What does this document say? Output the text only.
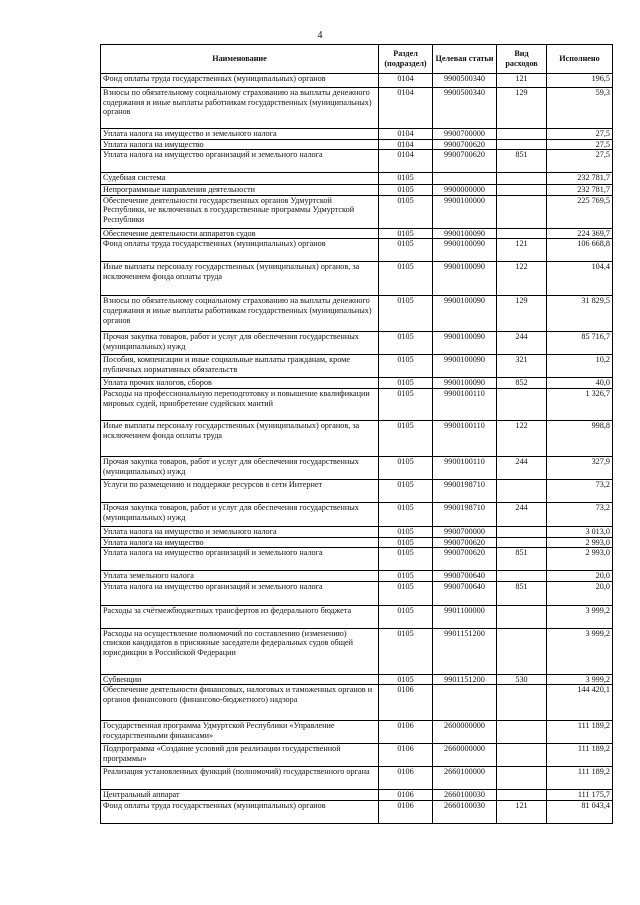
4
Наименование	Раздел (подраздел)	Целевая статьи	Вид расходов	Исполнено
Фонд оплаты труда государственных (муниципальных) органов	0104	9900500340	121	196,5
Взносы по обязательному социальному страхованию на выплаты денежного содержания и иные выплаты работникам государственных (муниципальных) органов	0104	9900500340	129	59,3
Уплата налога на имущество и земельного налога	0104	9900700000		27,5
Уплата налога на имущество	0104	9900700620		27,5
Уплата налога на имущество организаций и земельного налога	0104	9900700620	851	27,5
Судебная система	0105			232 781,7
Непрограммные направления деятельности	0105	9900000000		232 781,7
Обеспечение деятельности государственных органов Удмуртской Республики, не включенных в государственные программы Удмуртской Республики	0105	9900100000		225 769,5
Обеспечение деятельности аппаратов судов	0105	9900100090		224 369,7
Фонд оплаты труда государственных (муниципальных) органов	0105	9900100090	121	106 668,8
Иные выплаты персоналу государственных (муниципальных) органов, за исключением фонда оплаты труда	0105	9900100090	122	104,4
Взносы по обязательному социальному страхованию на выплаты денежного содержания и иные выплаты работникам государственных (муниципальных) органов	0105	9900100090	129	31 829,5
Прочая закупка товаров, работ и услуг для обеспечения государственных (муниципальных) нужд	0105	9900100090	244	85 716,7
Пособия, компенсации и иные социальные выплаты гражданам, кроме публичных нормативных обязательств	0105	9900100090	321	10,2
Уплата прочих налогов, сборов	0105	9900100090	852	40,0
Расходы на профессиональную переподготовку и повышение квалификации мировых судей, приобретение судейских мантий	0105	9900100110		1 326,7
Иные выплаты персоналу государственных (муниципальных) органов, за исключением фонда оплаты труда	0105	9900100110	122	998,8
Прочая закупка товаров, работ и услуг для обеспечения государственных (муниципальных) нужд	0105	9900100110	244	327,9
Услуги по размещению и поддержке ресурсов в сети Интернет	0105	9900198710		73,2
Прочая закупка товаров, работ и услуг для обеспечения государственных (муниципальных) нужд	0105	9900198710	244	73,2
Уплата налога на имущество и земельного налога	0105	9900700000		3 013,0
Уплата налога на имущество	0105	9900700620		2 993,0
Уплата налога на имущество организаций и земельного налога	0105	9900700620	851	2 993,0
Уплата земельного налога	0105	9900700640		20,0
Уплата налога на имущество организаций и земельного налога	0105	9900700640	851	20,0
Расходы за счётмежбюджетных трансфертов из федерального бюджета	0105	9901100000		3 999,2
Расходы на осуществление полномочий по составлению (изменению) списков кандидатов в присяжные заседатели федеральных судов общей юрисдикции в Российской Федерации	0105	9901151200		3 999,2
Субвенции	0105	9901151200	530	3 999,2
Обеспечение деятельности финансовых, налоговых и таможенных органов и органов финансового (финансово-бюджетного) надзора	0106			144 420,1
Государственная программа Удмуртской Республики «Управление государственными финансами»	0106	2600000000		111 189,2
Подпрограмма «Создание условий для реализации государственной программы»	0106	2660000000		111 189,2
Реализация установленных функций (полномочий) государственного органа	0106	2660100000		111 189,2
Центральный аппарат	0106	2660100030		111 175,7
Фонд оплаты труда государственных (муниципальных) органов	0106	2660100030	121	81 043,4
